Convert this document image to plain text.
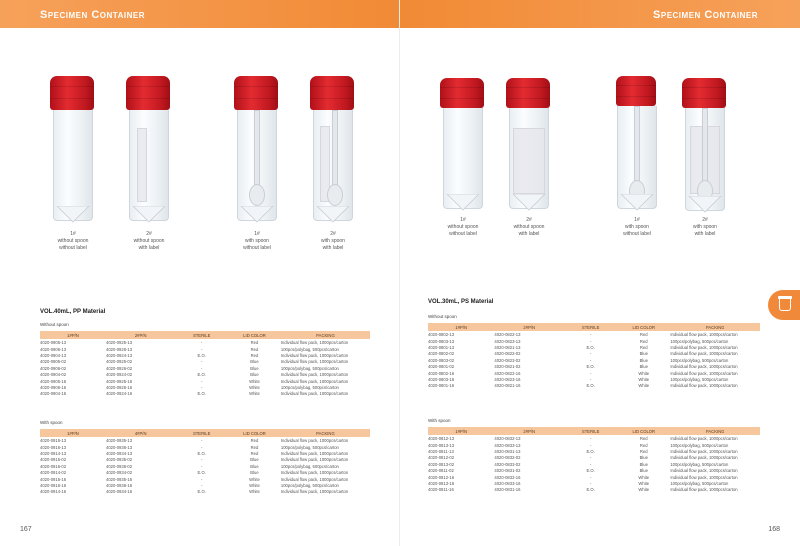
Specimen Container
1#
without spoon
without label
2#
without spoon
with label
1#
with spoon
without label
2#
with spoon
with label
VOL.40mL, PP Material
Without spoon
1#P/N	2#P/N	STERILE	LID COLOR	PACKING
4020-0905-13	4020-0925-13	-	Red	Individual flow pack, 1000pcs/carton
4020-0906-13	4020-0926-13	-	Red	100pcs/polybag, 500pcs/carton
4020-0904-13	4020-0924-13	E.O.	Red	Individual flow pack, 1000pcs/carton
4020-0905-02	4020-0925-02	-	Blue	Individual flow pack, 1000pcs/carton
4020-0906-02	4020-0926-02	-	Blue	100pcs/polybag, 500pcs/carton
4020-0904-02	4020-0924-02	E.O.	Blue	Individual flow pack, 1000pcs/carton
4020-0905-16	4020-0925-16	-	White	Individual flow pack, 1000pcs/carton
4020-0906-16	4020-0926-16	-	White	100pcs/polybag, 500pcs/carton
4020-0904-16	4020-0924-16	E.O.	White	Individual flow pack, 1000pcs/carton
With spoon
1#P/N	4#P/N	STERILE	LID COLOR	PACKING
4020-0915-13	4020-0935-13	-	Red	Individual flow pack, 1000pcs/carton
4020-0916-13	4020-0936-13	-	Red	100pcs/polybag, 500pcs/carton
4020-0914-13	4020-0934-13	E.O.	Red	Individual flow pack, 1000pcs/carton
4020-0915-02	4020-0935-02	-	Blue	Individual flow pack, 1000pcs/carton
4020-0916-02	4020-0936-02	-	Blue	100pcs/polybag, 500pcs/carton
4020-0914-02	4020-0934-02	E.O.	Blue	Individual flow pack, 1000pcs/carton
4020-0915-16	4020-0935-16	-	White	Individual flow pack, 1000pcs/carton
4020-0916-16	4020-0936-16	-	White	100pcs/polybag, 500pcs/carton
4020-0914-16	4020-0934-16	E.O.	White	Individual flow pack, 1000pcs/carton
167
Specimen Container
1#
without spoon
without label
2#
without spoon
with label
1#
with spoon
without label
2#
with spoon
with label
VOL.30mL, PS Material
Without spoon
1#P/N	2#P/N	STERILE	LID COLOR	PACKING
4020-0802-13	4020-0822-13	-	Red	Individual flow pack, 1000pcs/carton
4020-0803-13	4020-0823-13	-	Red	100pcs/polybag, 500pcs/carton
4020-0801-13	4020-0821-13	E.O.	Red	Individual flow pack, 1000pcs/carton
4020-0802-02	4020-0822-02	-	Blue	Individual flow pack, 1000pcs/carton
4020-0803-02	4020-0823-02	-	Blue	100pcs/polybag, 500pcs/carton
4020-0801-02	4020-0821-02	E.O.	Blue	Individual flow pack, 1000pcs/carton
4020-0802-16	4020-0822-16	-	White	Individual flow pack, 1000pcs/carton
4020-0803-16	4020-0823-16	-	White	100pcs/polybag, 500pcs/carton
4020-0801-16	4020-0821-16	E.O.	White	Individual flow pack, 1000pcs/carton
With spoon
1#P/N	2#P/N	STERILE	LID COLOR	PACKING
4020-0812-13	4020-0832-13	-	Red	Individual flow pack, 1000pcs/carton
4020-0813-13	4020-0833-13	-	Red	100pcs/polybag, 500pcs/carton
4020-0811-13	4020-0831-13	E.O.	Red	Individual flow pack, 1000pcs/carton
4020-0812-02	4020-0832-02	-	Blue	Individual flow pack, 1000pcs/carton
4020-0813-02	4020-0833-02	-	Blue	100pcs/polybag, 500pcs/carton
4020-0811-02	4020-0831-02	E.O.	Blue	Individual flow pack, 1000pcs/carton
4020-0812-16	4020-0832-16	-	White	Individual flow pack, 1000pcs/carton
4020-0813-16	4020-0833-16	-	White	100pcs/polybag, 500pcs/carton
4020-0811-16	4020-0831-16	E.O.	White	Individual flow pack, 1000pcs/carton
168
